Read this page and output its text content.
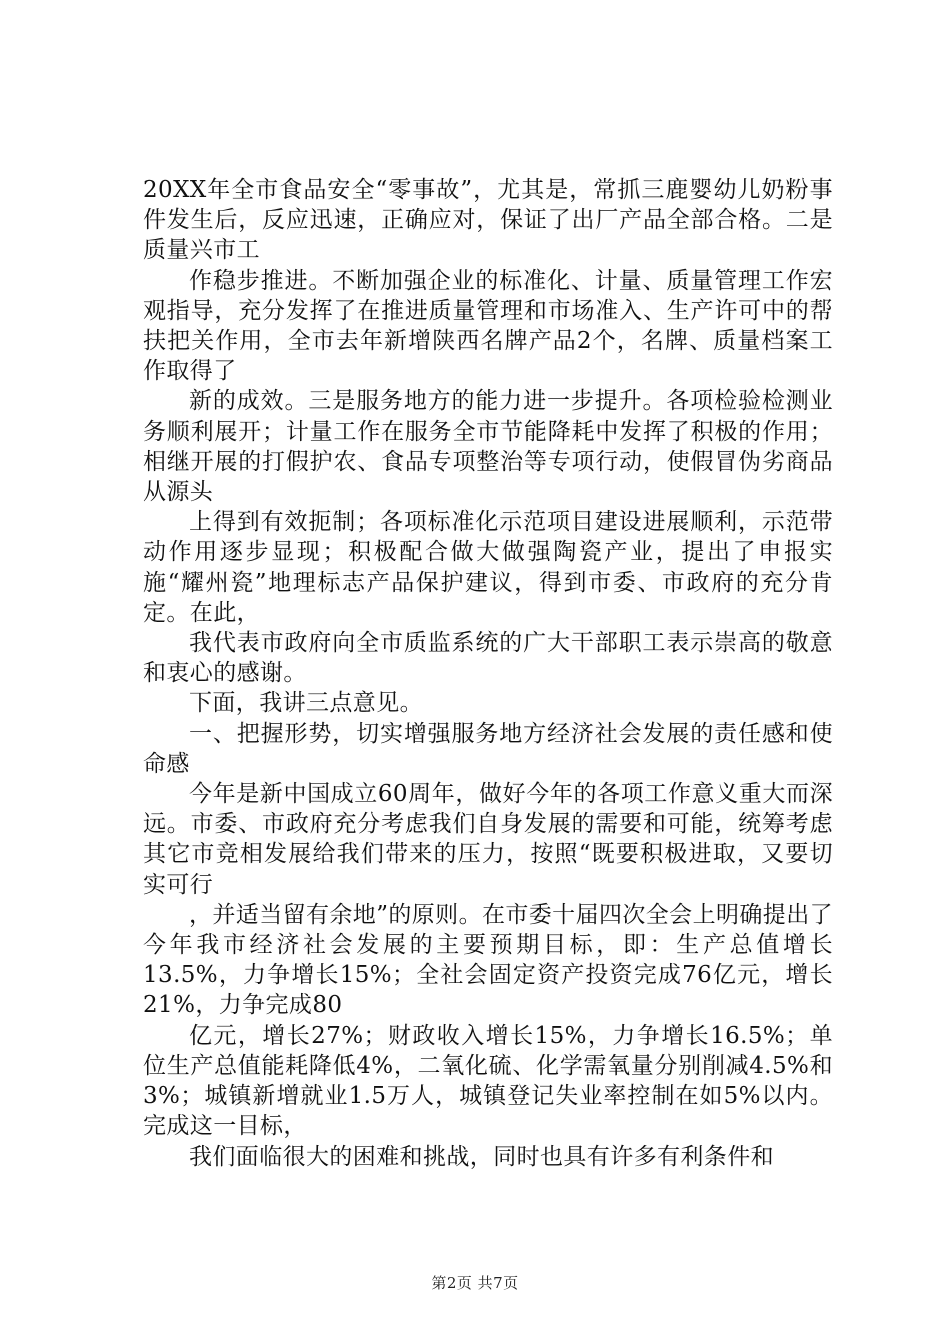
20XX年全市食品安全“零事故”，尤其是，常抓三鹿婴幼儿奶粉事件发生后，反应迅速，正确应对，保证了出厂产品全部合格。二是质量兴市工

作稳步推进。不断加强企业的标准化、计量、质量管理工作宏观指导，充分发挥了在推进质量管理和市场准入、生产许可中的帮扶把关作用，全市去年新增陕西名牌产品2个，名牌、质量档案工作取得了

新的成效。三是服务地方的能力进一步提升。各项检验检测业务顺利展开；计量工作在服务全市节能降耗中发挥了积极的作用；相继开展的打假护农、食品专项整治等专项行动，使假冒伪劣商品从源头

上得到有效扼制；各项标准化示范项目建设进展顺利，示范带动作用逐步显现；积极配合做大做强陶瓷产业，提出了申报实施“耀州瓷”地理标志产品保护建议，得到市委、市政府的充分肯定。在此，

我代表市政府向全市质监系统的广大干部职工表示崇高的敬意和衷心的感谢。

下面，我讲三点意见。

一、把握形势，切实增强服务地方经济社会发展的责任感和使命感

今年是新中国成立60周年，做好今年的各项工作意义重大而深远。市委、市政府充分考虑我们自身发展的需要和可能，统筹考虑其它市竞相发展给我们带来的压力，按照“既要积极进取，又要切实可行

，并适当留有余地”的原则。在市委十届四次全会上明确提出了今年我市经济社会发展的主要预期目标，即：生产总值增长13.5%，力争增长15%；全社会固定资产投资完成76亿元，增长21%，力争完成80

亿元，增长27%；财政收入增长15%，力争增长16.5%；单位生产总值能耗降低4%，二氧化硫、化学需氧量分别削减4.5%和3%；城镇新增就业1.5万人，城镇登记失业率控制在如5%以内。完成这一目标，

我们面临很大的困难和挑战，同时也具有许多有利条件和

第2页 共7页
